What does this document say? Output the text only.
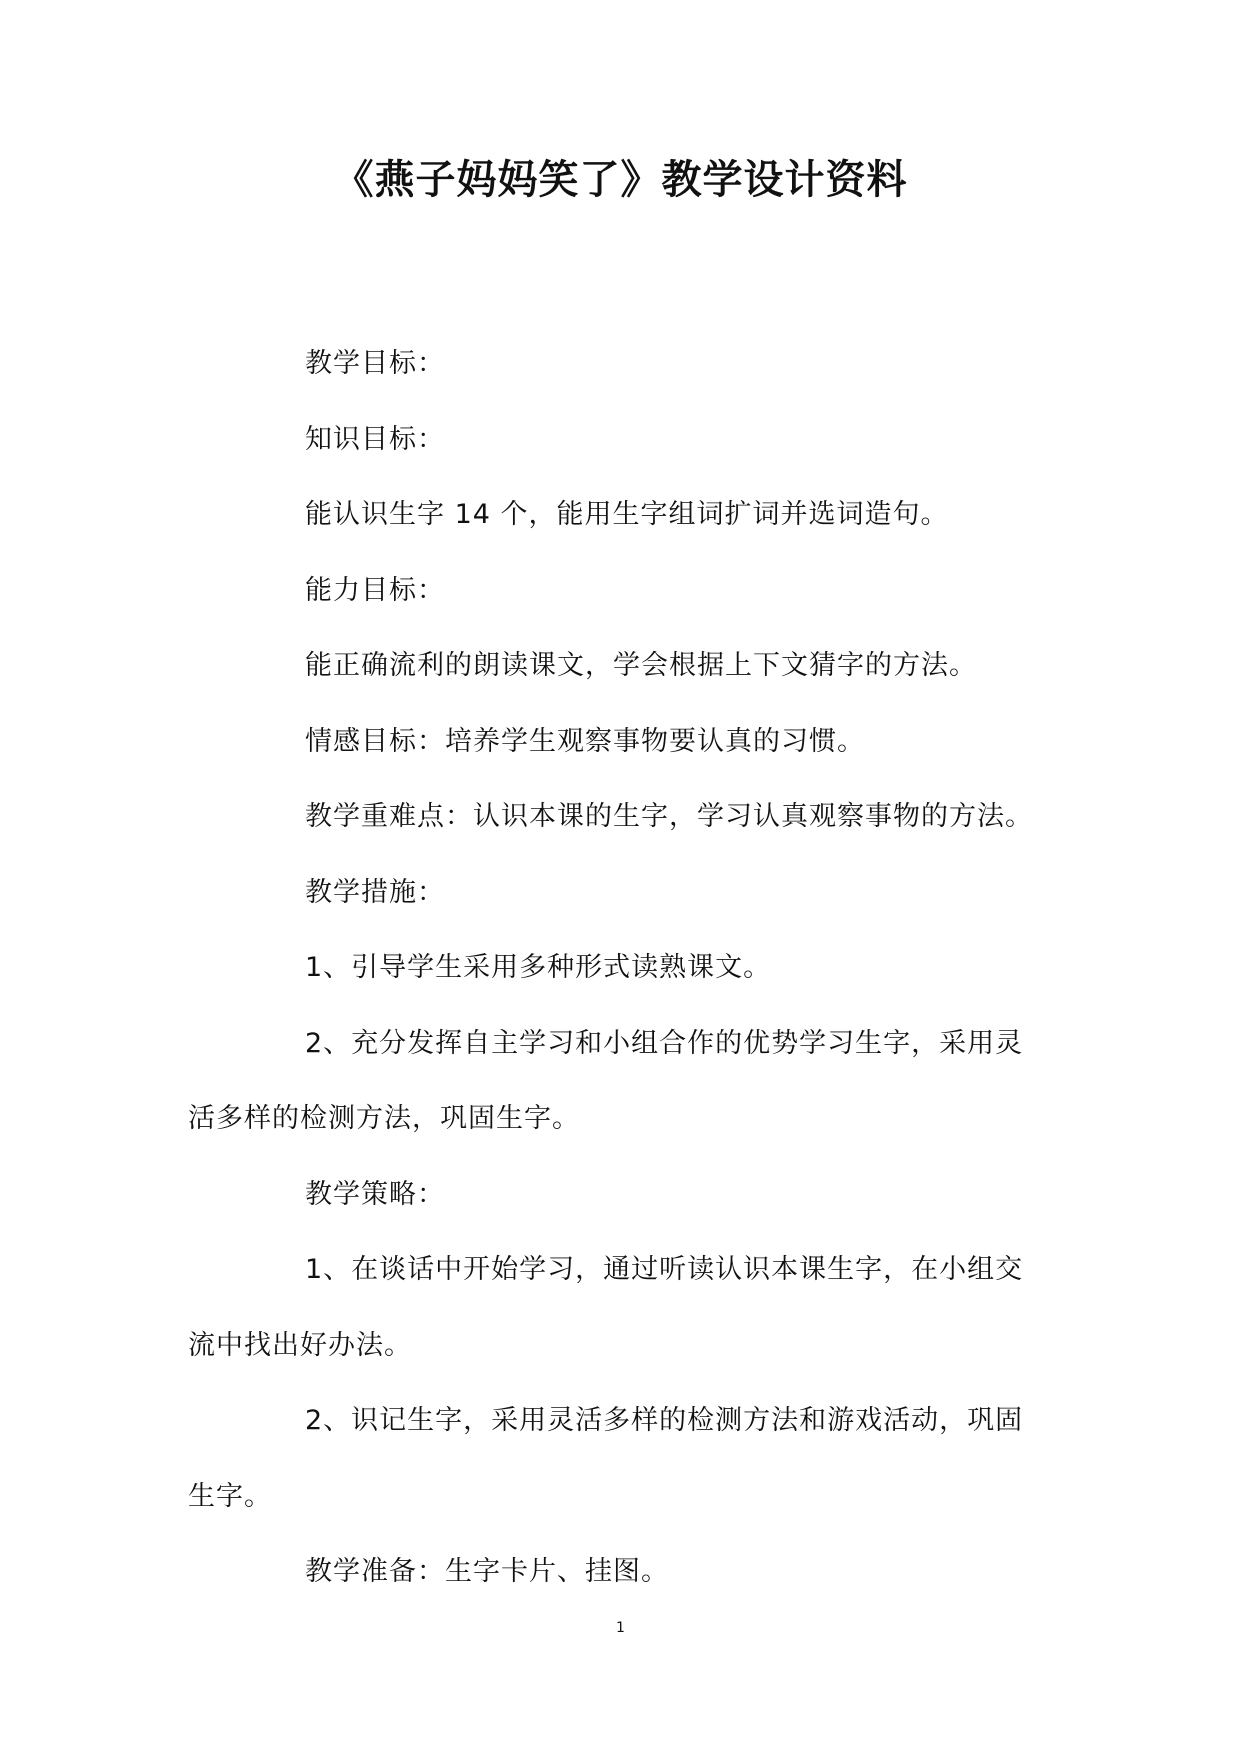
《燕子妈妈笑了》教学设计资料

教学目标：

知识目标：

能认识生字 14 个，能用生字组词扩词并选词造句。

能力目标：

能正确流利的朗读课文，学会根据上下文猜字的方法。

情感目标：培养学生观察事物要认真的习惯。

教学重难点：认识本课的生字，学习认真观察事物的方法。

教学措施：

1、引导学生采用多种形式读熟课文。

2、充分发挥自主学习和小组合作的优势学习生字，采用灵

活多样的检测方法，巩固生字。

教学策略：

1、在谈话中开始学习，通过听读认识本课生字，在小组交

流中找出好办法。

2、识记生字，采用灵活多样的检测方法和游戏活动，巩固

生字。

教学准备：生字卡片、挂图。

1
